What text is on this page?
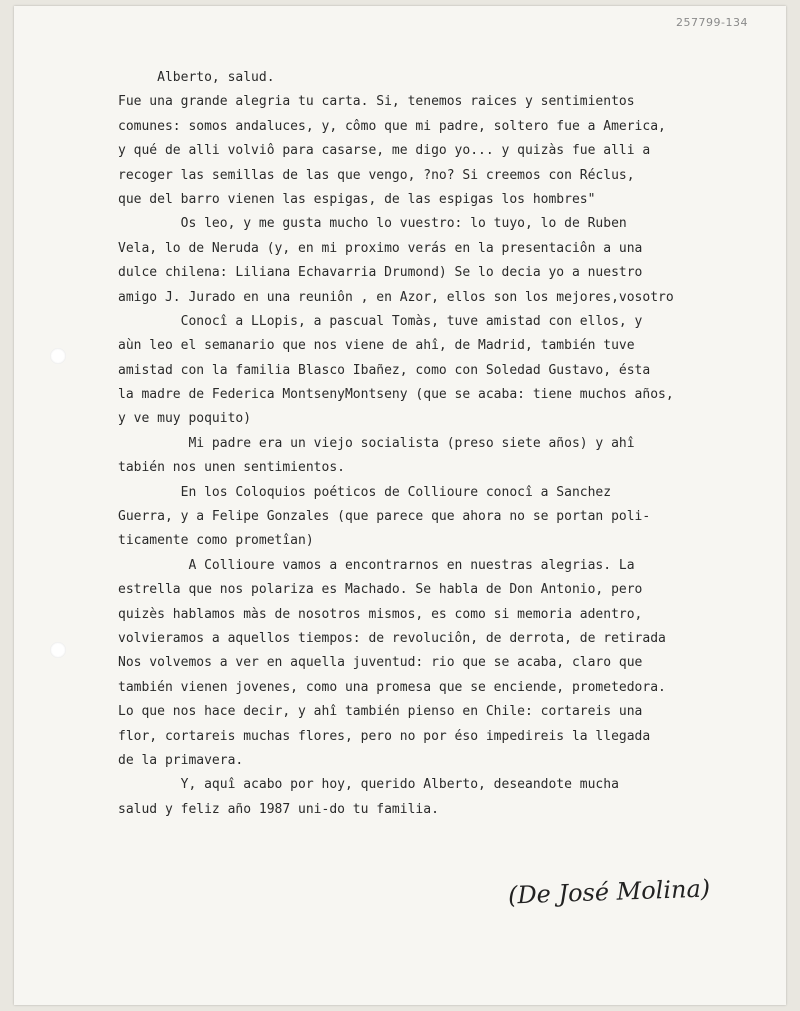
257799-134
Alberto, salud.
Fue una grande alegria tu carta. Si, tenemos raices y sentimientos
comunes: somos andaluces, y, cômo que mi padre, soltero fue a America,
y qué de alli volviô para casarse, me digo yo... y quizàs fue alli a
recoger las semillas de las que vengo, ?no? Si creemos con Réclus,
que del barro vienen las espigas, de las espigas los hombres"
Os leo, y me gusta mucho lo vuestro: lo tuyo, lo de Ruben
Vela, lo de Neruda (y, en mi proximo verás en la presentaciôn a una
dulce chilena: Liliana Echavarria Drumond) Se lo decia yo a nuestro
amigo J. Jurado en una reuniôn , en Azor, ellos son los mejores,vosotro
Conocî a LLopis, a pascual Tomàs, tuve amistad con ellos, y
aùn leo el semanario que nos viene de ahî, de Madrid, también tuve
amistad con la familia Blasco Ibañez, como con Soledad Gustavo, ésta
la madre de Federica MontsenyMontseny (que se acaba: tiene muchos años,
y ve muy poquito)
Mi padre era un viejo socialista (preso siete años) y ahî
tabién nos unen sentimientos.
En los Coloquios poéticos de Collioure conocî a Sanchez
Guerra, y a Felipe Gonzales (que parece que ahora no se portan poli-
ticamente como prometîan)
A Collioure vamos a encontrarnos en nuestras alegrias. La
estrella que nos polariza es Machado. Se habla de Don Antonio, pero
quizès hablamos màs de nosotros mismos, es como si memoria adentro,
volvieramos a aquellos tiempos: de revoluciôn, de derrota, de retirada
Nos volvemos a ver en aquella juventud: rio que se acaba, claro que
también vienen jovenes, como una promesa que se enciende, prometedora.
Lo que nos hace decir, y ahî también pienso en Chile: cortareis una
flor, cortareis muchas flores, pero no por éso impedireis la llegada
de la primavera.
Y, aquî acabo por hoy, querido Alberto, deseandote mucha
salud y feliz año 1987 uni-do tu familia.
(De José Molina)
